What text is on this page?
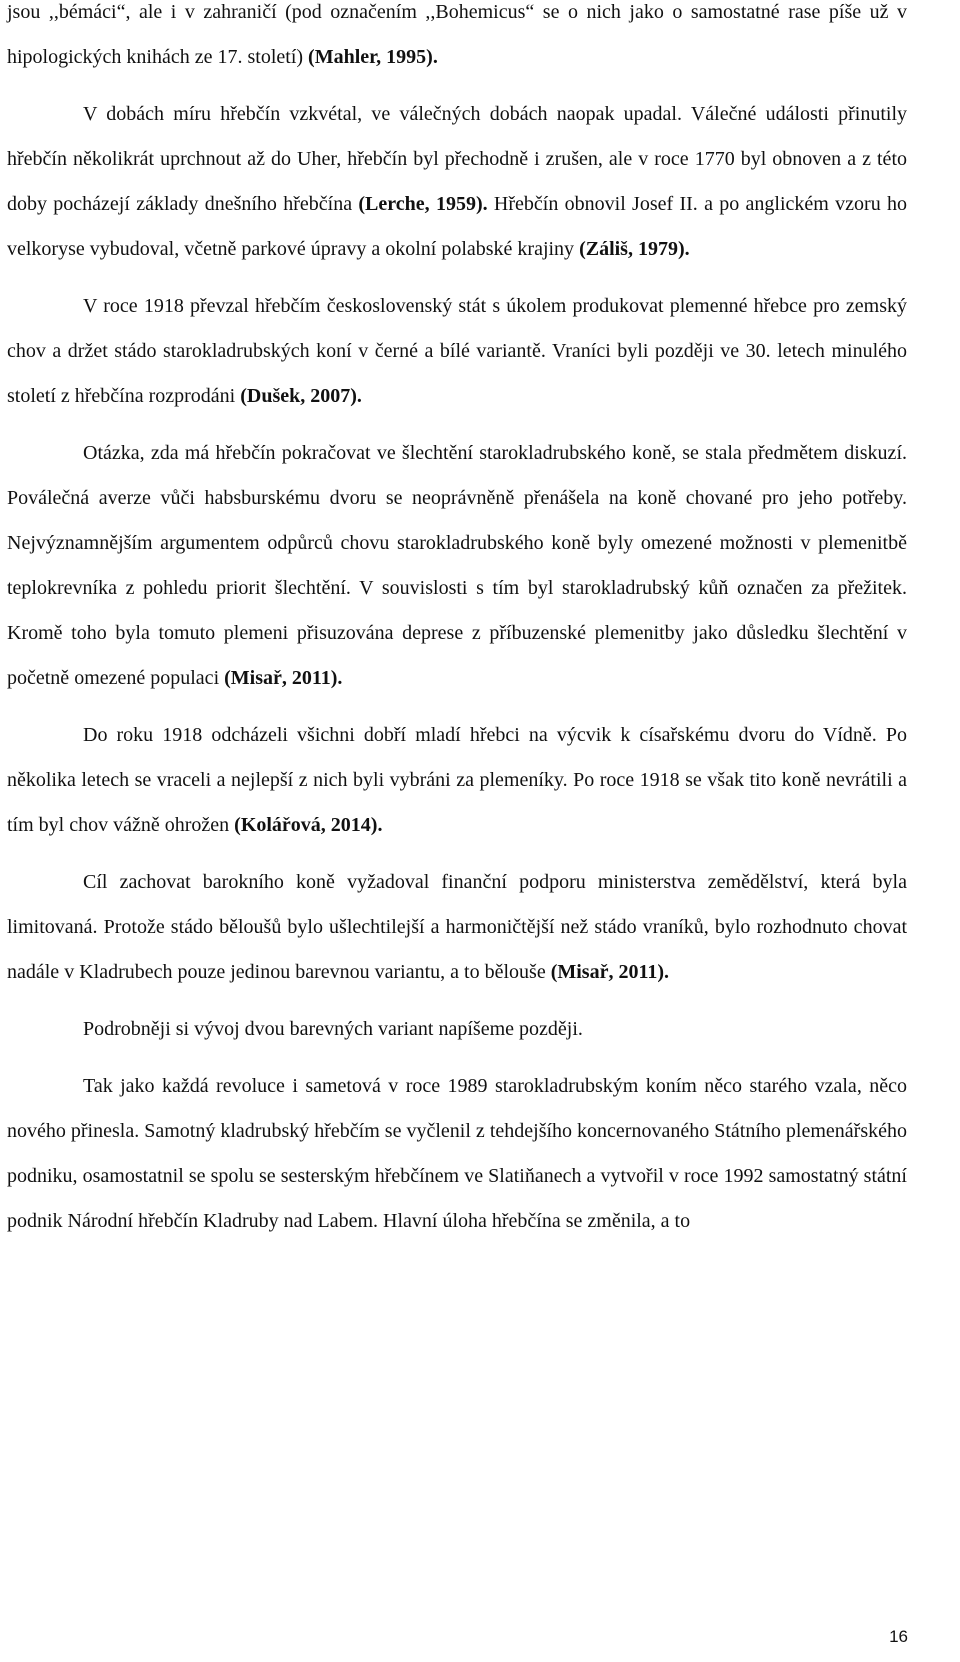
jsou ,,bémáci“, ale i v zahraničí (pod označením ,,Bohemicus“ se o nich jako o samostatné rase píše už v hipologických knihách ze 17. století) (Mahler, 1995).

V dobách míru hřebčín vzkvétal, ve válečných dobách naopak upadal. Válečné události přinutily hřebčín několikrát uprchnout až do Uher, hřebčín byl přechodně i zrušen, ale v roce 1770 byl obnoven a z této doby pocházejí základy dnešního hřebčína (Lerche, 1959). Hřebčín obnovil Josef II. a po anglickém vzoru ho velkoryse vybudoval, včetně parkové úpravy a okolní polabské krajiny (Záliš, 1979).

V roce 1918 převzal hřebčím československý stát s úkolem produkovat plemenné hřebce pro zemský chov a držet stádo starokladrubských koní v černé a bílé variantě. Vraníci byli později ve 30. letech minulého století z hřebčína rozprodáni (Dušek, 2007).

Otázka, zda má hřebčín pokračovat ve šlechtění starokladrubského koně, se stala předmětem diskuzí. Poválečná averze vůči habsburskému dvoru se neoprávněně přenášela na koně chované pro jeho potřeby. Nejvýznamnějším argumentem odpůrců chovu starokladrubského koně byly omezené možnosti v plemenitbě teplokrevníka z pohledu priorit šlechtění. V souvislosti s tím byl starokladrubský kůň označen za přežitek. Kromě toho byla tomuto plemeni přisuzována deprese z příbuzenské plemenitby jako důsledku šlechtění v početně omezené populaci (Misař, 2011).

Do roku 1918 odcházeli všichni dobří mladí hřebci na výcvik k císařskému dvoru do Vídně. Po několika letech se vraceli a nejlepší z nich byli vybráni za plemeníky. Po roce 1918 se však tito koně nevrátili a tím byl chov vážně ohrožen (Kolářová, 2014).

Cíl zachovat barokního koně vyžadoval finanční podporu ministerstva zemědělství, která byla limitovaná. Protože stádo běloušů bylo ušlechtilejší a harmoničtější než stádo vraníků, bylo rozhodnuto chovat nadále v Kladrubech pouze jedinou barevnou variantu, a to bělouše (Misař, 2011).

Podrobněji si vývoj dvou barevných variant napíšeme později.

Tak jako každá revoluce i sametová v roce 1989 starokladrubským koním něco starého vzala, něco nového přinesla. Samotný kladrubský hřebčím se vyčlenil z tehdejšího koncernovaného Státního plemenářského podniku, osamostatnil se spolu se sesterským hřebčínem ve Slatiňanech a vytvořil v roce 1992 samostatný státní podnik Národní hřebčín Kladruby nad Labem. Hlavní úloha hřebčína se změnila, a to

16
